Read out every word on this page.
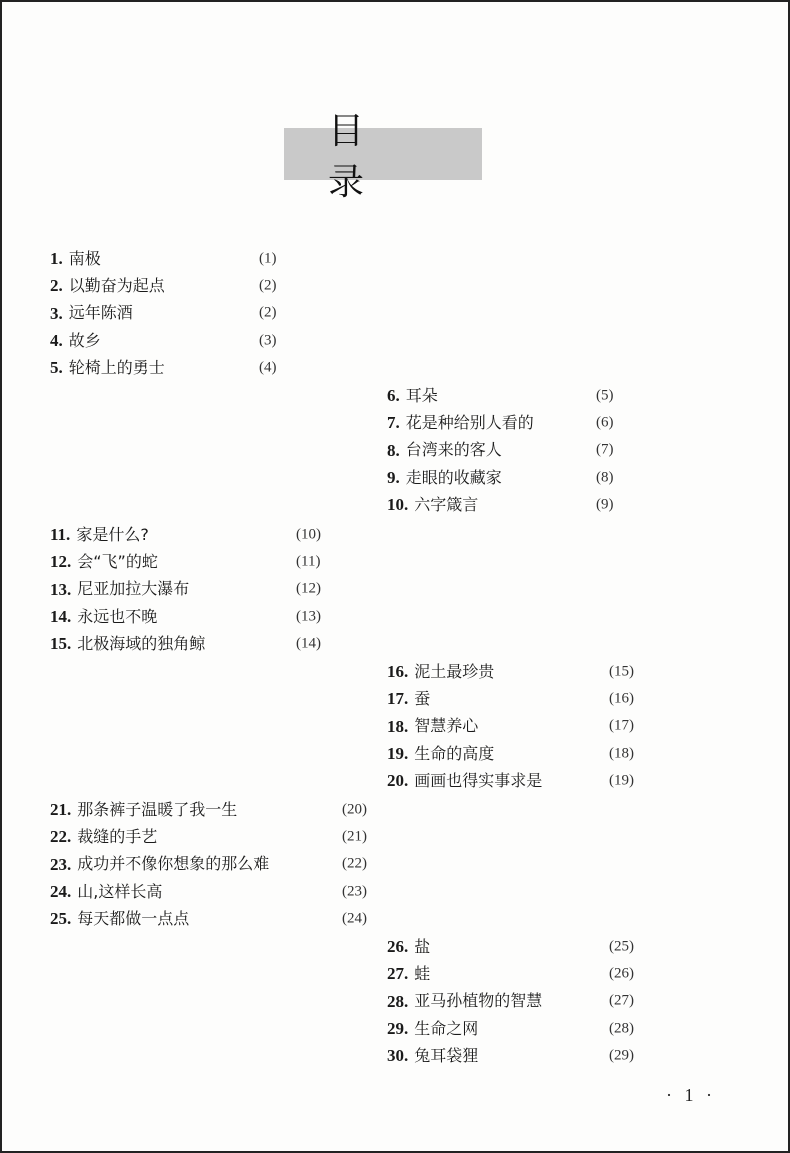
目 录
1. 南极	(1)
2. 以勤奋为起点	(2)
3. 远年陈酒	(2)
4. 故乡	(3)
5. 轮椅上的勇士	(4)
6. 耳朵	(5)
7. 花是种给别人看的	(6)
8. 台湾来的客人	(7)
9. 走眼的收藏家	(8)
10. 六字箴言	(9)
11. 家是什么?	(10)
12. 会“飞”的蛇	(11)
13. 尼亚加拉大瀑布	(12)
14. 永远也不晚	(13)
15. 北极海域的独角鲸	(14)
16. 泥土最珍贵	(15)
17. 蚕	(16)
18. 智慧养心	(17)
19. 生命的高度	(18)
20. 画画也得实事求是	(19)
21. 那条裤子温暖了我一生	(20)
22. 裁缝的手艺	(21)
23. 成功并不像你想象的那么难	(22)
24. 山,这样长高	(23)
25. 每天都做一点点	(24)
26. 盐	(25)
27. 蛙	(26)
28. 亚马孙植物的智慧	(27)
29. 生命之网	(28)
30. 兔耳袋狸	(29)
· 1 ·
